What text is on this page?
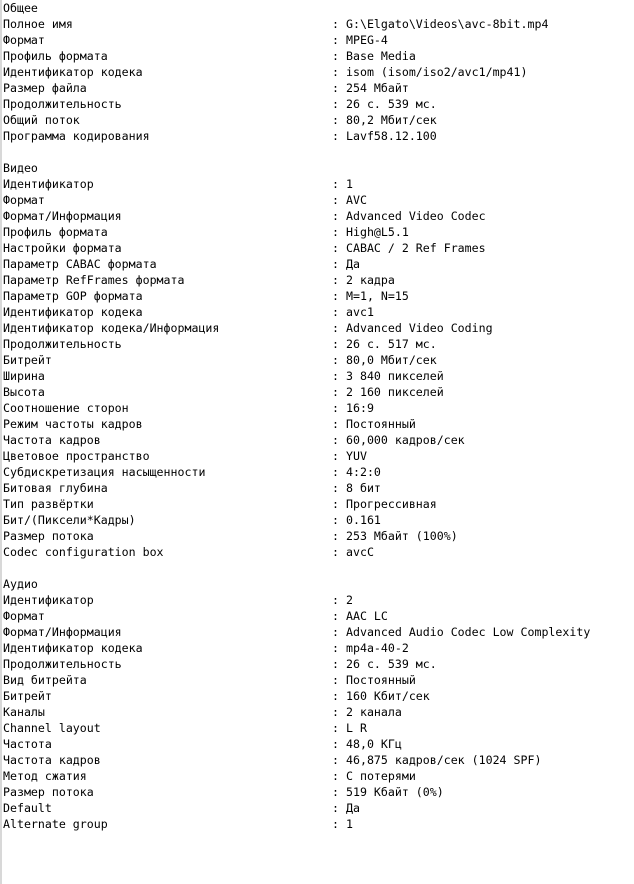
Общее
Полное имя	: G:\Elgato\Videos\avc-8bit.mp4
Формат	: MPEG-4
Профиль формата	: Base Media
Идентификатор кодека	: isom (isom/iso2/avc1/mp41)
Размер файла	: 254 Мбайт
Продолжительность	: 26 с. 539 мс.
Общий поток	: 80,2 Мбит/сек
Программа кодирования	: Lavf58.12.100
Видео
Идентификатор	: 1
Формат	: AVC
Формат/Информация	: Advanced Video Codec
Профиль формата	: High@L5.1
Настройки формата	: CABAC / 2 Ref Frames
Параметр CABAC формата	: Да
Параметр RefFrames формата	: 2 кадра
Параметр GOP формата	: M=1, N=15
Идентификатор кодека	: avc1
Идентификатор кодека/Информация	: Advanced Video Coding
Продолжительность	: 26 с. 517 мс.
Битрейт	: 80,0 Мбит/сек
Ширина	: 3 840 пикселей
Высота	: 2 160 пикселей
Соотношение сторон	: 16:9
Режим частоты кадров	: Постоянный
Частота кадров	: 60,000 кадров/сек
Цветовое пространство	: YUV
Субдискретизация насыщенности	: 4:2:0
Битовая глубина	: 8 бит
Тип развёртки	: Прогрессивная
Бит/(Пиксели*Кадры)	: 0.161
Размер потока	: 253 Мбайт (100%)
Codec configuration box	: avcC
Аудио
Идентификатор	: 2
Формат	: AAC LC
Формат/Информация	: Advanced Audio Codec Low Complexity
Идентификатор кодека	: mp4a-40-2
Продолжительность	: 26 с. 539 мс.
Вид битрейта	: Постоянный
Битрейт	: 160 Кбит/сек
Каналы	: 2 канала
Channel layout	: L R
Частота	: 48,0 КГц
Частота кадров	: 46,875 кадров/сек (1024 SPF)
Метод сжатия	: С потерями
Размер потока	: 519 Кбайт (0%)
Default	: Да
Alternate group	: 1
